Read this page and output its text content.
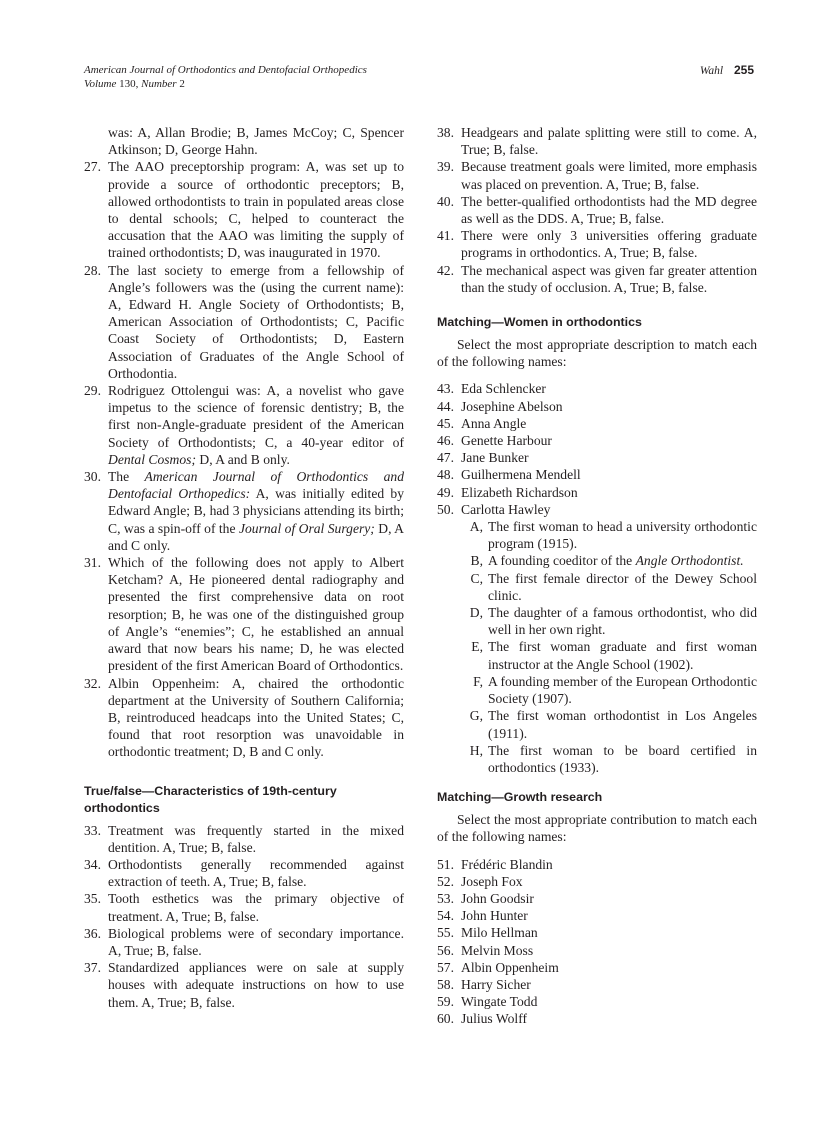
American Journal of Orthodontics and Dentofacial Orthopedics
Volume 130, Number 2
Wahl 255
was: A, Allan Brodie; B, James McCoy; C, Spencer Atkinson; D, George Hahn.
27. The AAO preceptorship program: A, was set up to provide a source of orthodontic preceptors; B, allowed orthodontists to train in populated areas close to dental schools; C, helped to counteract the accusation that the AAO was limiting the supply of trained orthodontists; D, was inaugurated in 1970.
28. The last society to emerge from a fellowship of Angle’s followers was the (using the current name): A, Edward H. Angle Society of Orthodontists; B, American Association of Orthodontists; C, Pacific Coast Society of Orthodontists; D, Eastern Association of Graduates of the Angle School of Orthodontia.
29. Rodriguez Ottolengui was: A, a novelist who gave impetus to the science of forensic dentistry; B, the first non-Angle-graduate president of the American Society of Orthodontists; C, a 40-year editor of Dental Cosmos; D, A and B only.
30. The American Journal of Orthodontics and Dentofacial Orthopedics: A, was initially edited by Edward Angle; B, had 3 physicians attending its birth; C, was a spin-off of the Journal of Oral Surgery; D, A and C only.
31. Which of the following does not apply to Albert Ketcham? A, He pioneered dental radiography and presented the first comprehensive data on root resorption; B, he was one of the distinguished group of Angle’s “enemies”; C, he established an annual award that now bears his name; D, he was elected president of the first American Board of Orthodontics.
32. Albin Oppenheim: A, chaired the orthodontic department at the University of Southern California; B, reintroduced headcaps into the United States; C, found that root resorption was unavoidable in orthodontic treatment; D, B and C only.
True/false—Characteristics of 19th-century orthodontics
33. Treatment was frequently started in the mixed dentition. A, True; B, false.
34. Orthodontists generally recommended against extraction of teeth. A, True; B, false.
35. Tooth esthetics was the primary objective of treatment. A, True; B, false.
36. Biological problems were of secondary importance. A, True; B, false.
37. Standardized appliances were on sale at supply houses with adequate instructions on how to use them. A, True; B, false.
38. Headgears and palate splitting were still to come. A, True; B, false.
39. Because treatment goals were limited, more emphasis was placed on prevention. A, True; B, false.
40. The better-qualified orthodontists had the MD degree as well as the DDS. A, True; B, false.
41. There were only 3 universities offering graduate programs in orthodontics. A, True; B, false.
42. The mechanical aspect was given far greater attention than the study of occlusion. A, True; B, false.
Matching—Women in orthodontics
Select the most appropriate description to match each of the following names:
43. Eda Schlencker
44. Josephine Abelson
45. Anna Angle
46. Genette Harbour
47. Jane Bunker
48. Guilhermena Mendell
49. Elizabeth Richardson
50. Carlotta Hawley
A, The first woman to head a university orthodontic program (1915).
B, A founding coeditor of the Angle Orthodontist.
C, The first female director of the Dewey School clinic.
D, The daughter of a famous orthodontist, who did well in her own right.
E, The first woman graduate and first woman instructor at the Angle School (1902).
F, A founding member of the European Orthodontic Society (1907).
G, The first woman orthodontist in Los Angeles (1911).
H, The first woman to be board certified in orthodontics (1933).
Matching—Growth research
Select the most appropriate contribution to match each of the following names:
51. Frédéric Blandin
52. Joseph Fox
53. John Goodsir
54. John Hunter
55. Milo Hellman
56. Melvin Moss
57. Albin Oppenheim
58. Harry Sicher
59. Wingate Todd
60. Julius Wolff
